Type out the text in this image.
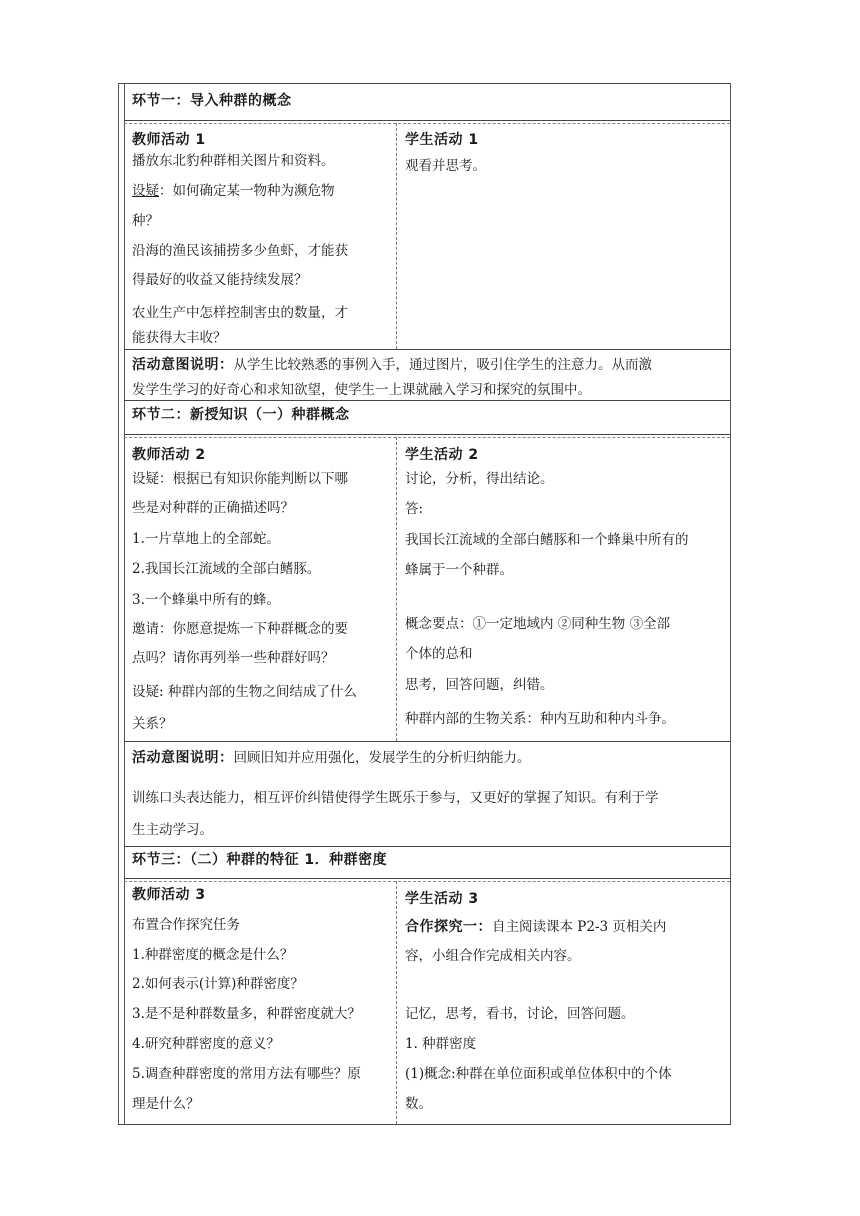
环节一：导入种群的概念
教师活动 1
播放东北豹种群相关图片和资料。
设疑：如何确定某一物种为濒危物
种？
沿海的渔民该捕捞多少鱼虾，才能获
得最好的收益又能持续发展？
农业生产中怎样控制害虫的数量，才
能获得大丰收？
学生活动 1
观看并思考。
活动意图说明：从学生比较熟悉的事例入手，通过图片，吸引住学生的注意力。从而激
发学生学习的好奇心和求知欲望，使学生一上课就融入学习和探究的氛围中。
环节二：新授知识（一）种群概念
教师活动 2
设疑：根据已有知识你能判断以下哪
些是对种群的正确描述吗？
1.一片草地上的全部蛇。
2.我国长江流域的全部白鳍豚。
3.一个蜂巢中所有的蜂。
邀请：你愿意提炼一下种群概念的要
点吗？请你再列举一些种群好吗？
设疑: 种群内部的生物之间结成了什么
关系？
学生活动 2
讨论，分析，得出结论。
答:
我国长江流域的全部白鳍豚和一个蜂巢中所有的
蜂属于一个种群。
概念要点：①一定地域内 ②同种生物 ③全部
个体的总和
思考，回答问题，纠错。
种群内部的生物关系：种内互助和种内斗争。
活动意图说明：回顾旧知并应用强化，发展学生的分析归纳能力。
训练口头表达能力，相互评价纠错使得学生既乐于参与，又更好的掌握了知识。有利于学
生主动学习。
环节三：（二）种群的特征 1．种群密度
教师活动 3
布置合作探究任务
1.种群密度的概念是什么？
2.如何表示(计算)种群密度？
3.是不是种群数量多，种群密度就大？
4.研究种群密度的意义？
5.调查种群密度的常用方法有哪些？原
理是什么？
学生活动 3
合作探究一：自主阅读课本 P2-3 页相关内
容，小组合作完成相关内容。
记忆，思考，看书，讨论，回答问题。
1. 种群密度
(1)概念:种群在单位面积或单位体积中的个体
数。
